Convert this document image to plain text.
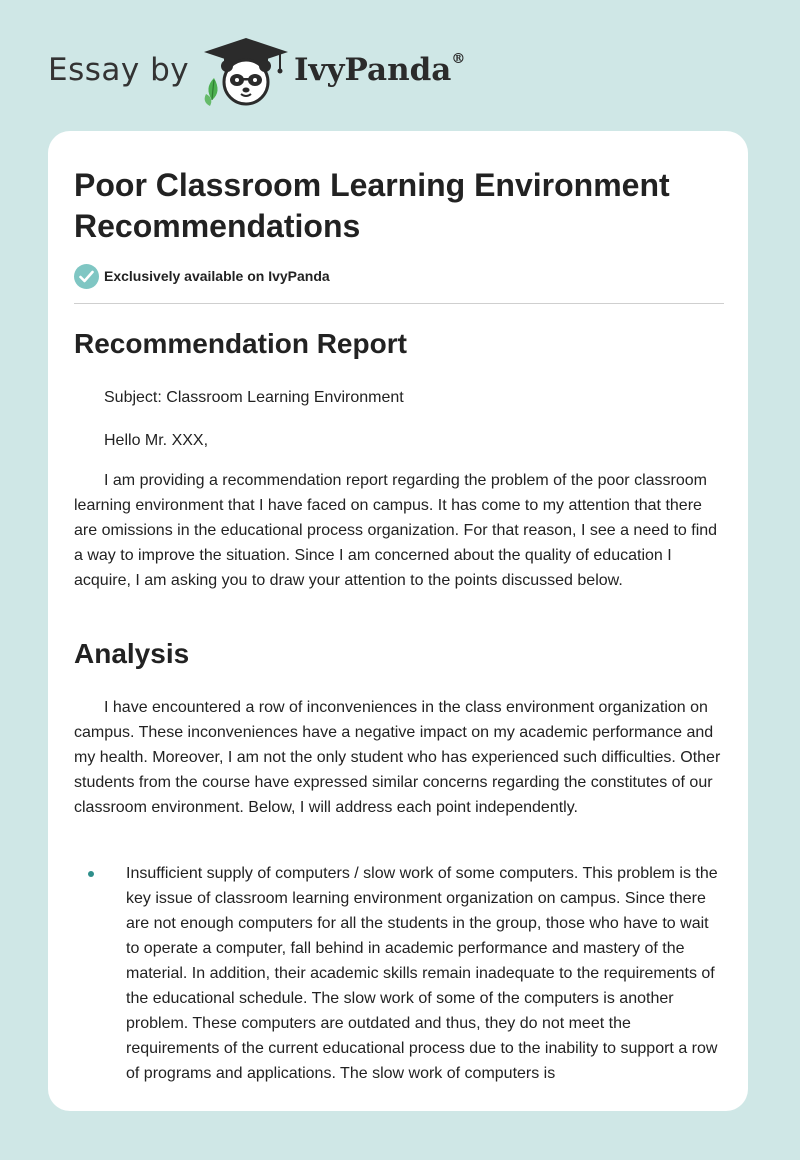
Essay by	IvyPanda®
Poor Classroom Learning Environment Recommendations
Exclusively available on IvyPanda
Recommendation Report

Subject: Classroom Learning Environment

Hello Mr. XXX,

I am providing a recommendation report regarding the problem of the poor classroom learning environment that I have faced on campus. It has come to my attention that there are omissions in the educational process organization. For that reason, I see a need to find a way to improve the situation. Since I am concerned about the quality of education I acquire, I am asking you to draw your attention to the points discussed below.

Analysis

I have encountered a row of inconveniences in the class environment organization on campus. These inconveniences have a negative impact on my academic performance and my health. Moreover, I am not the only student who has experienced such difficulties. Other students from the course have expressed similar concerns regarding the constitutes of our classroom environment. Below, I will address each point independently.

Insufficient supply of computers / slow work of some computers. This problem is the key issue of classroom learning environment organization on campus. Since there are not enough computers for all the students in the group, those who have to wait to operate a computer, fall behind in academic performance and mastery of the material. In addition, their academic skills remain inadequate to the requirements of the educational schedule. The slow work of some of the computers is another problem. These computers are outdated and thus, they do not meet the requirements of the current educational process due to the inability to support a row of programs and applications. The slow work of computers is
